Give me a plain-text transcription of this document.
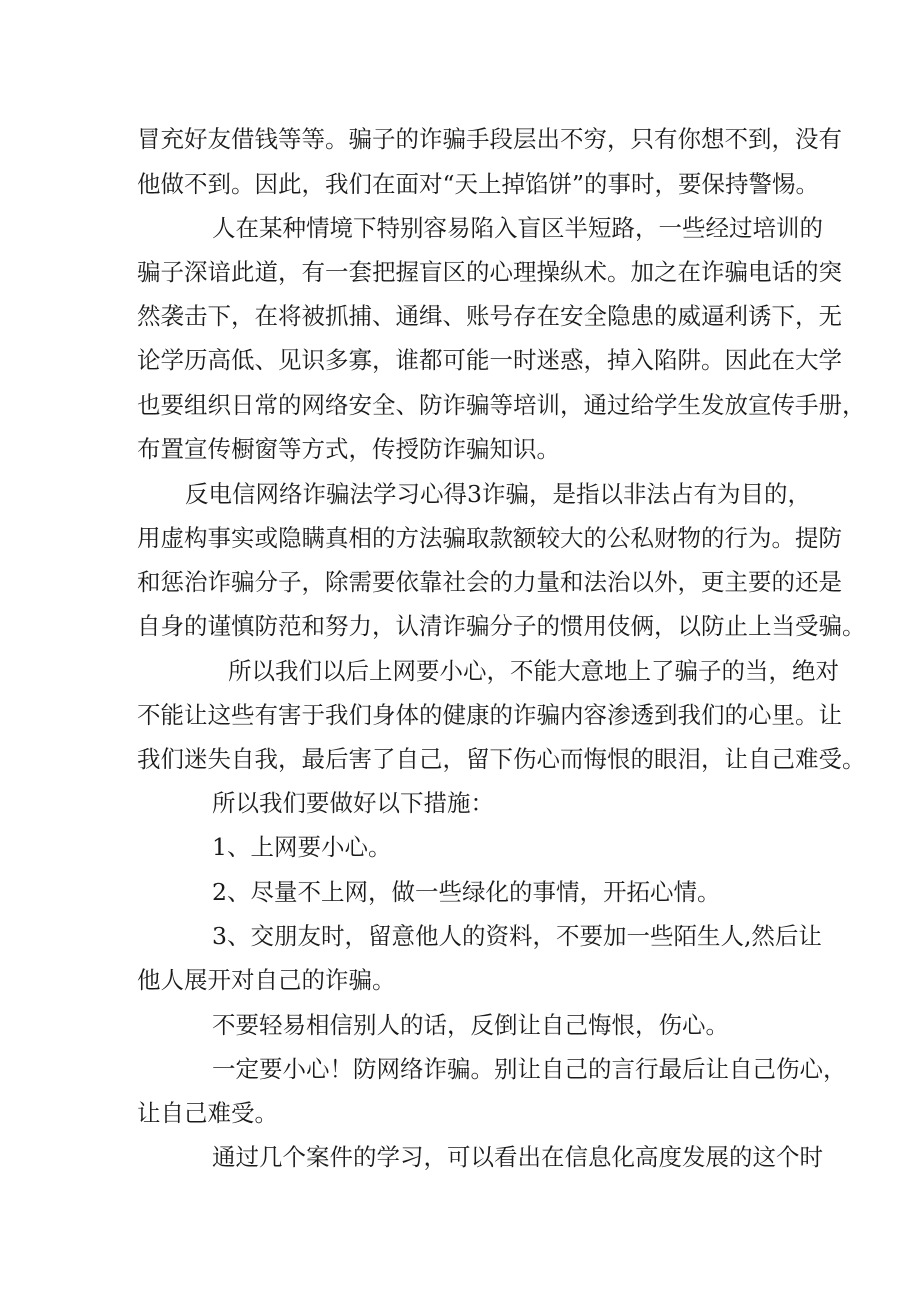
冒充好友借钱等等。骗子的诈骗手段层出不穷，只有你想不到，没有
他做不到。因此，我们在面对“天上掉馅饼”的事时，要保持警惕。
人在某种情境下特别容易陷入盲区半短路，一些经过培训的
骗子深谙此道，有一套把握盲区的心理操纵术。加之在诈骗电话的突
然袭击下，在将被抓捕、通缉、账号存在安全隐患的威逼利诱下，无
论学历高低、见识多寡，谁都可能一时迷惑，掉入陷阱。因此在大学
也要组织日常的网络安全、防诈骗等培训，通过给学生发放宣传手册，
布置宣传橱窗等方式，传授防诈骗知识。
反电信网络诈骗法学习心得3诈骗，是指以非法占有为目的，
用虚构事实或隐瞒真相的方法骗取款额较大的公私财物的行为。提防
和惩治诈骗分子，除需要依靠社会的力量和法治以外，更主要的还是
自身的谨慎防范和努力，认清诈骗分子的惯用伎俩，以防止上当受骗。
所以我们以后上网要小心，不能大意地上了骗子的当，绝对
不能让这些有害于我们身体的健康的诈骗内容渗透到我们的心里。让
我们迷失自我，最后害了自己，留下伤心而悔恨的眼泪，让自己难受。
所以我们要做好以下措施：
1、上网要小心。
2、尽量不上网，做一些绿化的事情，开拓心情。
3、交朋友时，留意他人的资料，不要加一些陌生人,然后让
他人展开对自己的诈骗。
不要轻易相信别人的话，反倒让自己悔恨，伤心。
一定要小心！防网络诈骗。别让自己的言行最后让自己伤心，
让自己难受。
通过几个案件的学习，可以看出在信息化高度发展的这个时
